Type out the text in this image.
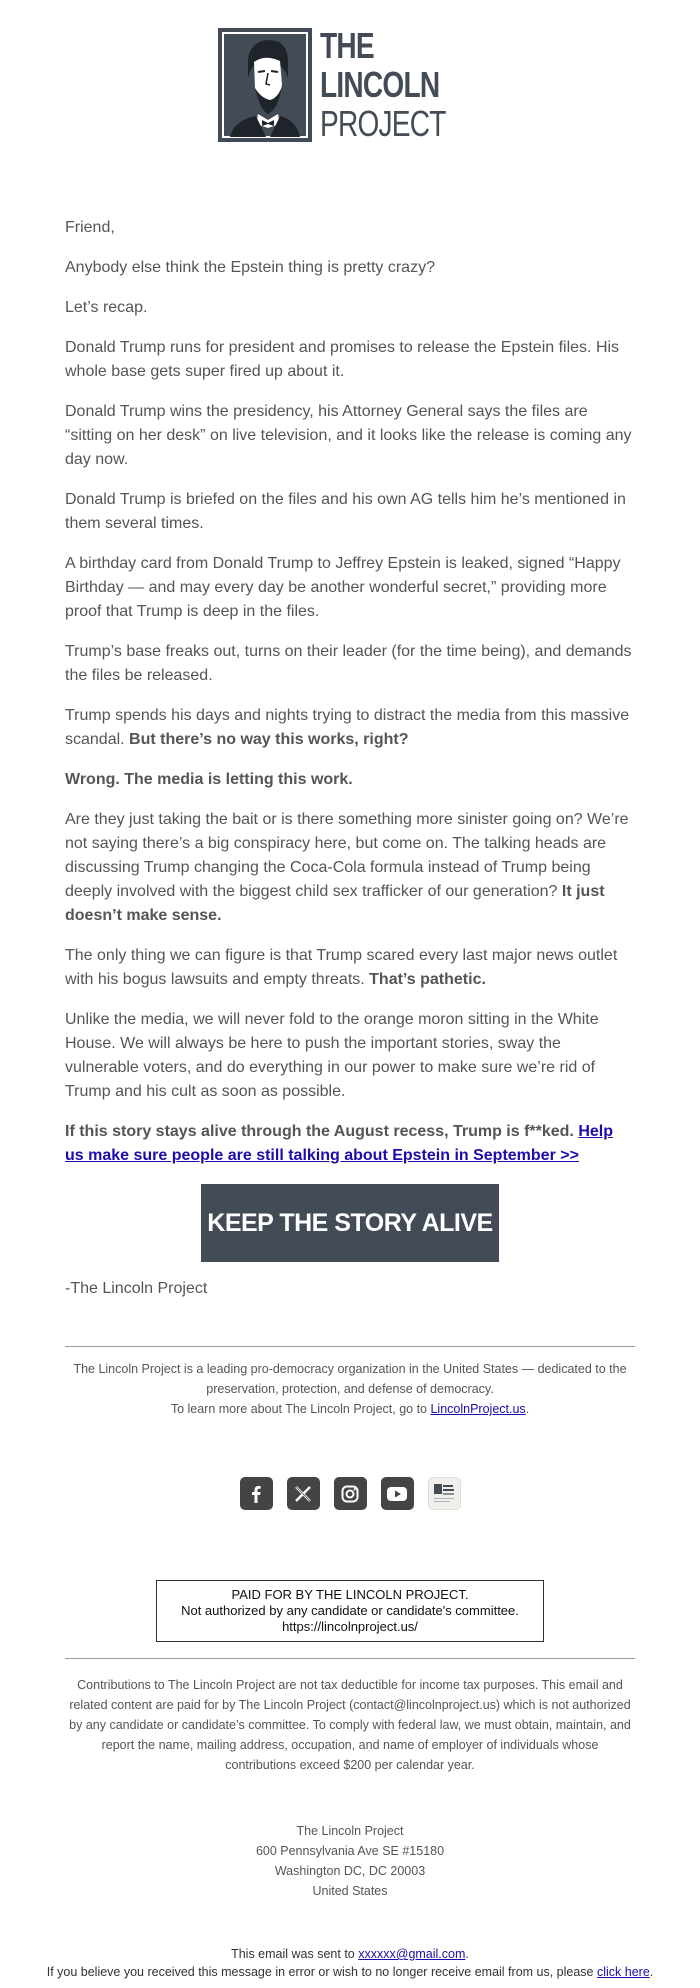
THE
LINCOLN
PROJECT

Friend,

Anybody else think the Epstein thing is pretty crazy?

Let’s recap.

Donald Trump runs for president and promises to release the Epstein files. His whole base gets super fired up about it.

Donald Trump wins the presidency, his Attorney General says the files are “sitting on her desk” on live television, and it looks like the release is coming any day now.

Donald Trump is briefed on the files and his own AG tells him he’s mentioned in them several times.

A birthday card from Donald Trump to Jeffrey Epstein is leaked, signed “Happy Birthday — and may every day be another wonderful secret,” providing more proof that Trump is deep in the files.

Trump’s base freaks out, turns on their leader (for the time being), and demands the files be released.

Trump spends his days and nights trying to distract the media from this massive scandal. But there’s no way this works, right?

Wrong. The media is letting this work.

Are they just taking the bait or is there something more sinister going on? We’re not saying there’s a big conspiracy here, but come on. The talking heads are discussing Trump changing the Coca-Cola formula instead of Trump being deeply involved with the biggest child sex trafficker of our generation? It just doesn’t make sense.

The only thing we can figure is that Trump scared every last major news outlet with his bogus lawsuits and empty threats. That’s pathetic.

Unlike the media, we will never fold to the orange moron sitting in the White House. We will always be here to push the important stories, sway the vulnerable voters, and do everything in our power to make sure we’re rid of Trump and his cult as soon as possible.

If this story stays alive through the August recess, Trump is f**ked. Help us make sure people are still talking about Epstein in September >>

KEEP THE STORY ALIVE

-The Lincoln Project

The Lincoln Project is a leading pro-democracy organization in the United States — dedicated to the preservation, protection, and defense of democracy.
To learn more about The Lincoln Project, go to LincolnProject.us.
PAID FOR BY THE LINCOLN PROJECT.
Not authorized by any candidate or candidate's committee.
https://lincolnproject.us/
Contributions to The Lincoln Project are not tax deductible for income tax purposes. This email and related content are paid for by The Lincoln Project (contact@lincolnproject.us) which is not authorized by any candidate or candidate’s committee. To comply with federal law, we must obtain, maintain, and report the name, mailing address, occupation, and name of employer of individuals whose contributions exceed $200 per calendar year.
The Lincoln Project
600 Pennsylvania Ave SE #15180
Washington DC, DC 20003
United States
This email was sent to xxxxxx@gmail.com.
If you believe you received this message in error or wish to no longer receive email from us, please click here.
